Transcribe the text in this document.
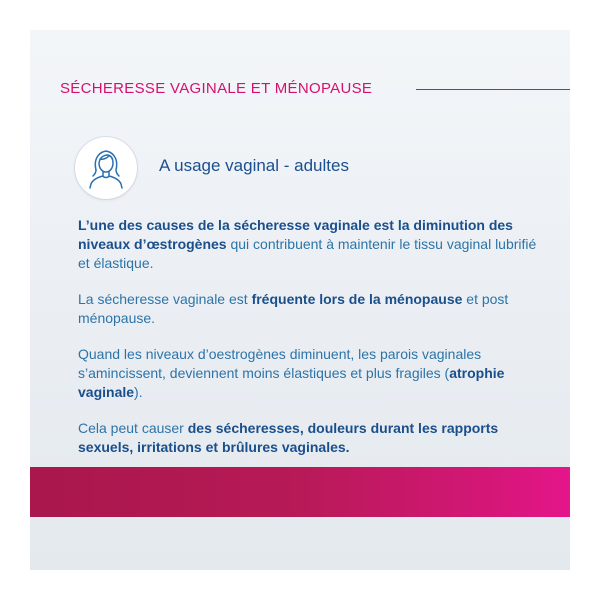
SÉCHERESSE VAGINALE ET MÉNOPAUSE
A usage vaginal - adultes

L’une des causes de la sécheresse vaginale est la diminution des niveaux d’œstrogènes qui contribuent à maintenir le tissu vaginal lubrifié et élastique.

La sécheresse vaginale est fréquente lors de la ménopause et post ménopause.

Quand les niveaux d’oestrogènes diminuent, les parois vaginales s’amincissent, deviennent moins élastiques et plus fragiles (atrophie vaginale).

Cela peut causer des sécheresses, douleurs durant les rapports sexuels, irritations et brûlures vaginales.
